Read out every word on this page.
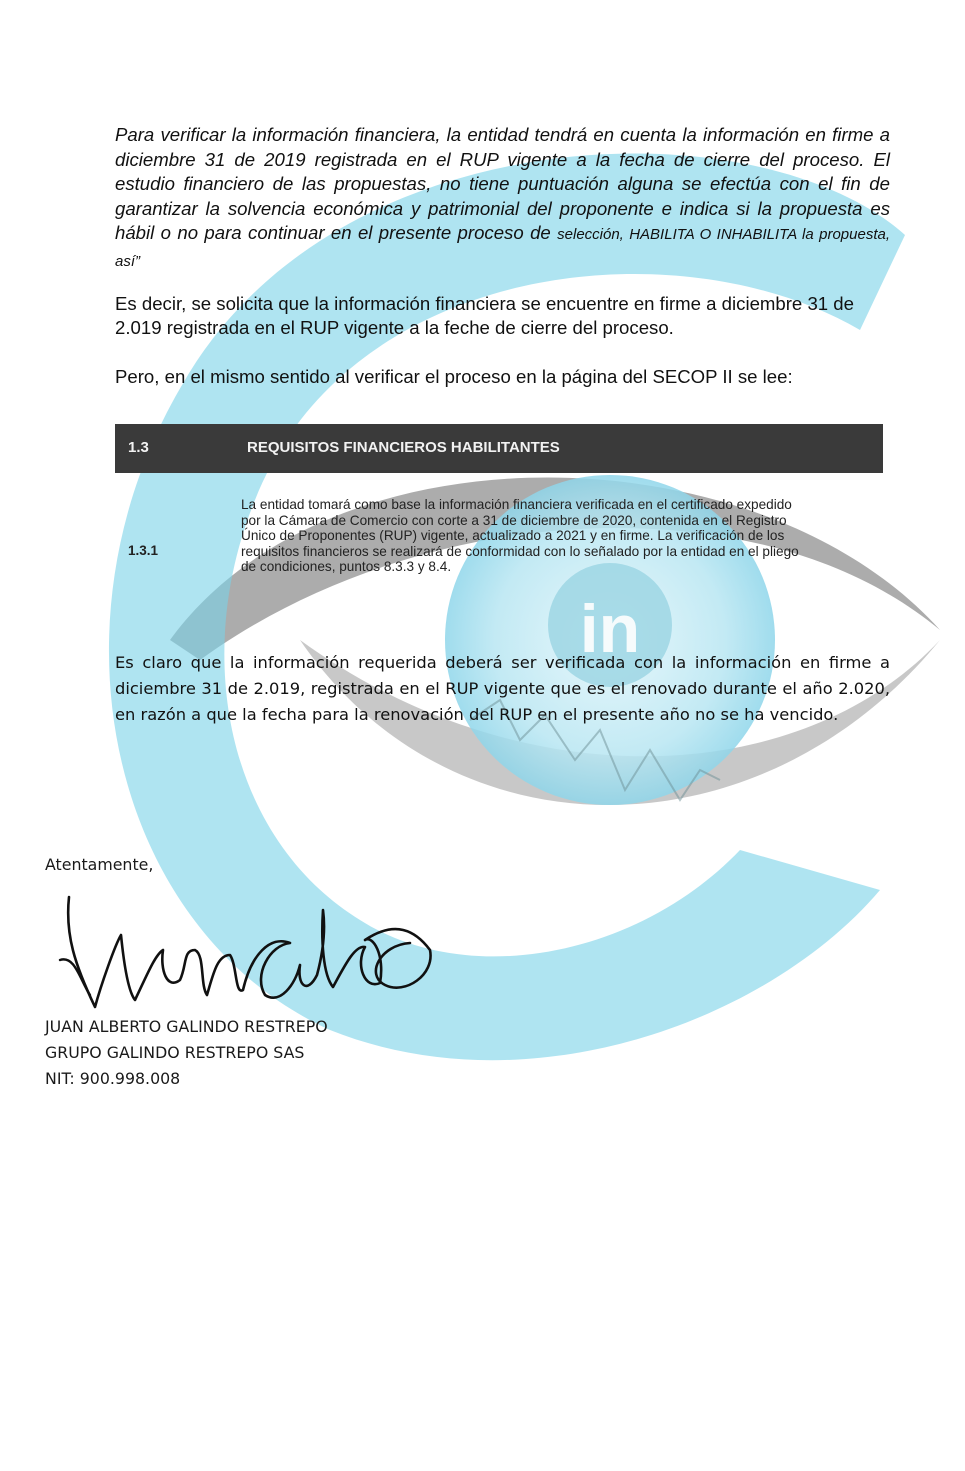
in
Para verificar la información financiera, la entidad tendrá en cuenta la información en firme a diciembre 31 de 2019 registrada en el RUP vigente a la fecha de cierre del proceso. El estudio financiero de las propuestas, no tiene puntuación alguna se efectúa con el fin de garantizar la solvencia económica y patrimonial del proponente e indica si la propuesta es hábil o no para continuar en el presente proceso de selección, HABILITA O INHABILITA la propuesta, así”
Es decir, se solicita que la información financiera se encuentre en firme a diciembre 31 de 2.019 registrada en el RUP vigente a la feche de cierre del proceso.
Pero, en el mismo sentido al verificar el proceso en la página del SECOP II se lee:
1.3	REQUISITOS FINANCIEROS HABILITANTES
1.3.1
La entidad tomará como base la información financiera verificada en el certificado expedido por la Cámara de Comercio con corte a 31 de diciembre de 2020, contenida en el Registro Único de Proponentes (RUP) vigente, actualizado a 2021 y en firme. La verificación de los requisitos financieros se realizará de conformidad con lo señalado por la entidad en el pliego de condiciones, puntos 8.3.3 y 8.4.
Es claro que la información requerida deberá ser verificada con la información en firme a diciembre 31 de 2.019, registrada en el RUP vigente que es el renovado durante el año 2.020, en razón a que la fecha para la renovación del RUP en el presente año no se ha vencido.
Atentamente,
JUAN ALBERTO GALINDO RESTREPO
GRUPO GALINDO RESTREPO SAS
NIT: 900.998.008
